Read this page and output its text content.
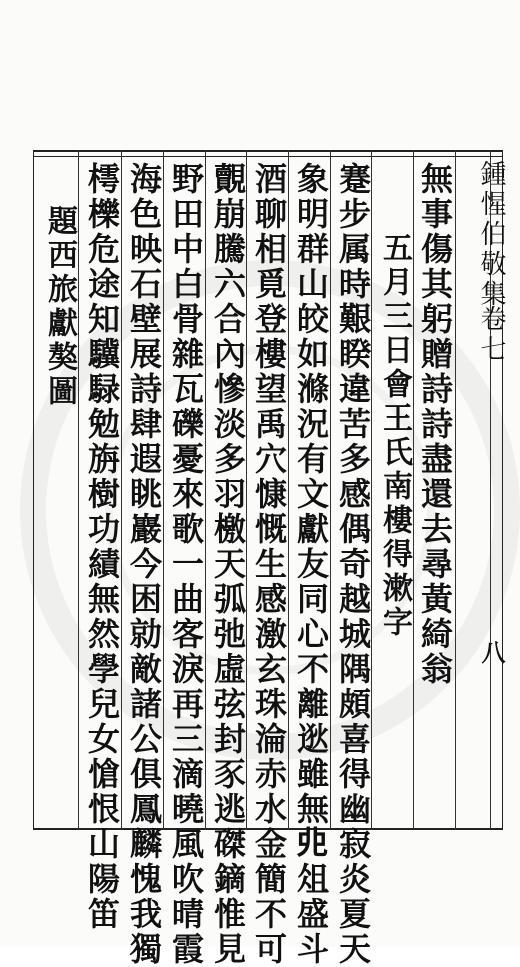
鍾惺伯敬集
卷七
八
無事傷其躬贈詩詩盡還去尋黃綺翁
五月三日會王氏南樓得漱字
蹇步属時艱睽違苦多感偶奇越城隅頗喜得幽寂炎夏天
象明群山皎如滌況有文獻友同心不離逖雖無𠑹俎盛斗
酒聊相覓登樓望禹穴慷慨生感激玄珠淪赤水金簡不可
覿崩騰六合內慘淡多羽檄天弧弛虛弦封豕逃磔鏑惟見
野田中白骨雜瓦礫憂來歌一曲客淚再三滴曉風吹晴霞
海色映石壁展詩肆遐眺巖今困勍敵諸公俱鳳麟愧我獨
樗櫟危途知驥騄勉旃樹功績無然學兒女愴恨山陽笛
題西旅獻獒圖
